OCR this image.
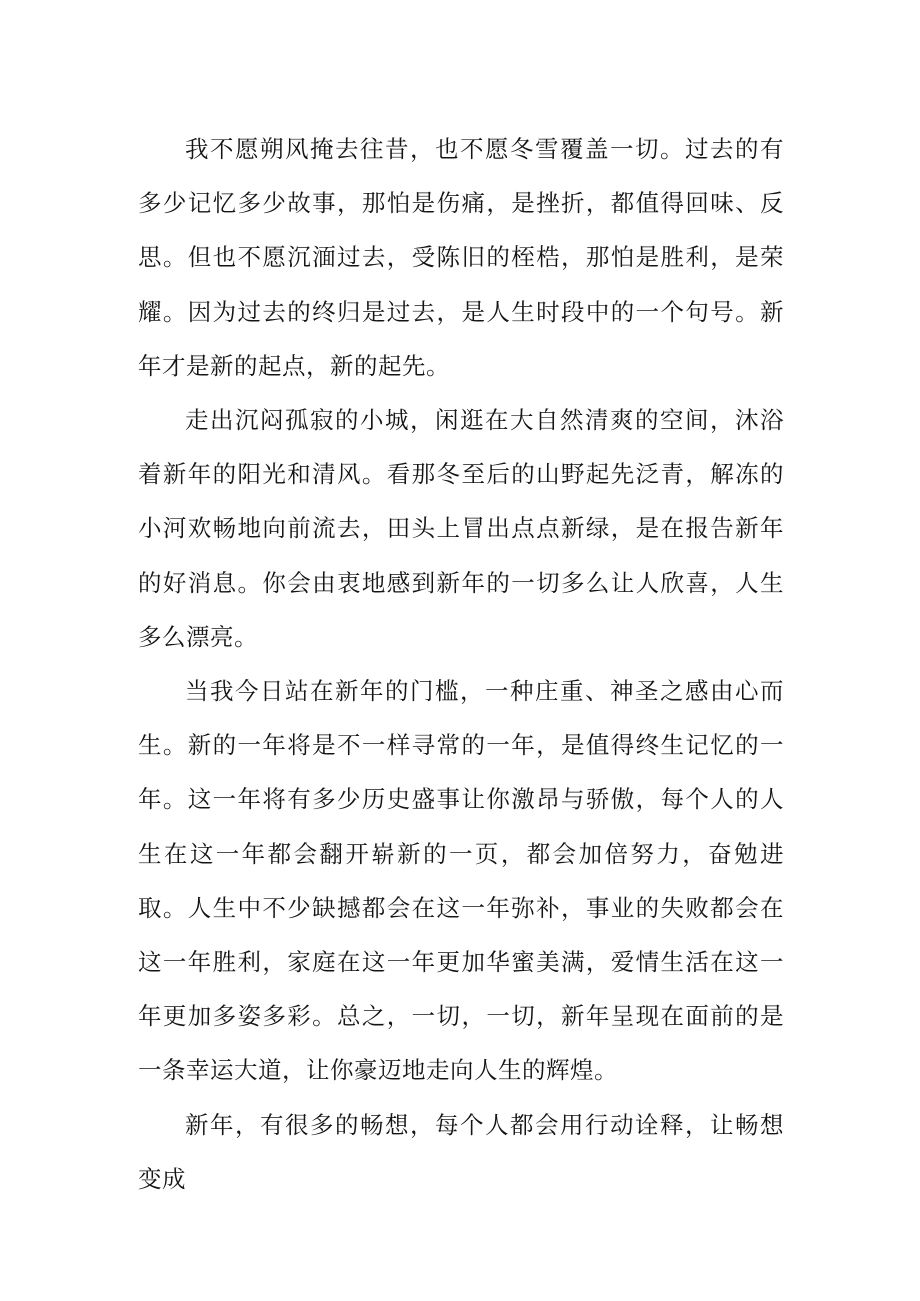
我不愿朔风掩去往昔，也不愿冬雪覆盖一切。过去的有多少记忆多少故事，那怕是伤痛，是挫折，都值得回味、反思。但也不愿沉湎过去，受陈旧的桎梏，那怕是胜利，是荣耀。因为过去的终归是过去，是人生时段中的一个句号。新年才是新的起点，新的起先。

走出沉闷孤寂的小城，闲逛在大自然清爽的空间，沐浴着新年的阳光和清风。看那冬至后的山野起先泛青，解冻的小河欢畅地向前流去，田头上冒出点点新绿，是在报告新年的好消息。你会由衷地感到新年的一切多么让人欣喜，人生多么漂亮。

当我今日站在新年的门槛，一种庄重、神圣之感由心而生。新的一年将是不一样寻常的一年，是值得终生记忆的一年。这一年将有多少历史盛事让你激昂与骄傲，每个人的人生在这一年都会翻开崭新的一页，都会加倍努力，奋勉进取。人生中不少缺撼都会在这一年弥补，事业的失败都会在这一年胜利，家庭在这一年更加华蜜美满，爱情生活在这一年更加多姿多彩。总之，一切，一切，新年呈现在面前的是一条幸运大道，让你豪迈地走向人生的辉煌。

新年，有很多的畅想，每个人都会用行动诠释，让畅想变成
